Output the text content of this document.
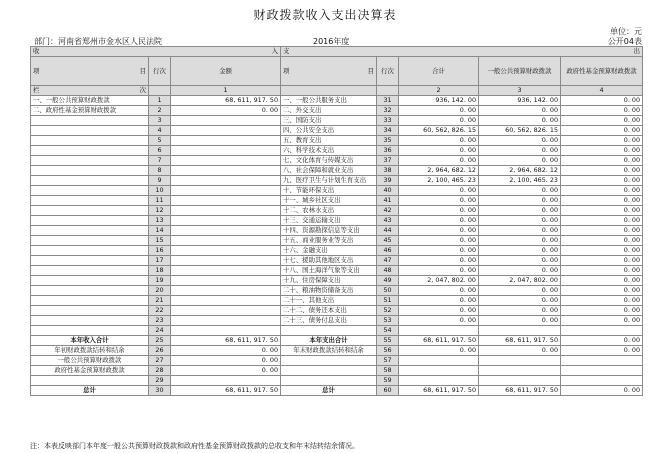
财政拨款收入支出决算表
单位：元
部门：河南省郑州市金水区人民法院	2016年度	公开04表
收 入			支 出				

项 目	行次	金额	项 目	行次	合计	一般公共预算财政拨款	政府性基金预算财政拨款
栏 次		1			2	3	4
一、一般公共预算财政拨款	1	68, 611, 917. 50	一、一般公共服务支出	31	936, 142. 00	936, 142. 00	0. 00
二、政府性基金预算财政拨款	2	0. 00	二、外交支出	32	0. 00	0. 00	0. 00
	3		三、国防支出	33	0. 00	0. 00	0. 00
	4		四、公共安全支出	34	60, 562, 826. 15	60, 562, 826. 15	0. 00
	5		五、教育支出	35	0. 00	0. 00	0. 00
	6		六、科学技术支出	36	0. 00	0. 00	0. 00
	7		七、文化体育与传媒支出	37	0. 00	0. 00	0. 00
	8		八、社会保障和就业支出	38	2, 964, 682. 12	2, 964, 682. 12	0. 00
	9		九、医疗卫生与计划生育支出	39	2, 100, 465. 23	2, 100, 465. 23	0. 00
	10		十、节能环保支出	40	0. 00	0. 00	0. 00
	11		十一、城乡社区支出	41	0. 00	0. 00	0. 00
	12		十二、农林水支出	42	0. 00	0. 00	0. 00
	13		十三、交通运输支出	43	0. 00	0. 00	0. 00
	14		十四、资源勘探信息等支出	44	0. 00	0. 00	0. 00
	15		十五、商业服务业等支出	45	0. 00	0. 00	0. 00
	16		十六、金融支出	46	0. 00	0. 00	0. 00
	17		十七、援助其他地区支出	47	0. 00	0. 00	0. 00
	18		十八、国土海洋气象等支出	48	0. 00	0. 00	0. 00
	19		十九、住房保障支出	49	2, 047, 802. 00	2, 047, 802. 00	0. 00
	20		二十、粮油物资储备支出	50	0. 00	0. 00	0. 00
	21		二十一、其他支出	51	0. 00	0. 00	0. 00
	22		二十二、债务还本支出	52	0. 00	0. 00	0. 00
	23		二十三、债务付息支出	53	0. 00	0. 00	0. 00
	24			54			
本年收入合计	25	68, 611, 917. 50	本年支出合计	55	68, 611, 917. 50	68, 611, 917. 50	0. 00
年初财政拨款结转和结余	26	0. 00	年末财政拨款结转和结余	56	0. 00	0. 00	0. 00
一般公共预算财政拨款	27	0. 00		57			
政府性基金预算财政拨款	28	0. 00		58			
	29			59			
总计	30	68, 611, 917. 50	总计	60	68, 611, 917. 50	68, 611, 917. 50	0. 00
注：本表反映部门本年度一般公共预算财政拨款和政府性基金预算财政拨款的总收支和年末结转结余情况。
